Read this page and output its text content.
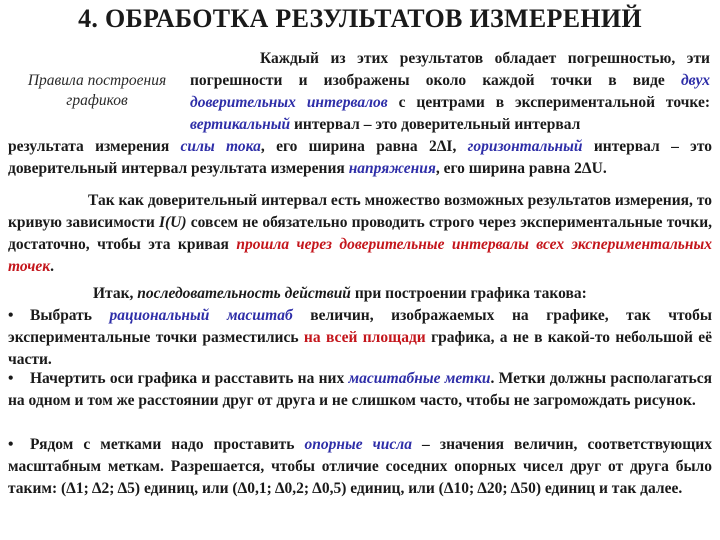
4. ОБРАБОТКА РЕЗУЛЬТАТОВ ИЗМЕРЕНИЙ
Правила построения
графиков
Каждый из этих результатов обладает погрешностью, эти погрешности и изображены около каждой точки в виде двух доверительных интервалов с центрами в экспериментальной точке: вертикальный интервал – это доверительный интервал
результата измерения силы тока, его ширина равна 2ΔI, горизонтальный интервал – это доверительный интервал результата измерения напряжения, его ширина равна 2ΔU.
Так как доверительный интервал есть множество возможных результатов измерения, то кривую зависимости I(U) совсем не обязательно проводить строго через экспериментальные точки, достаточно, чтобы эта кривая прошла через доверительные интервалы всех экспериментальных точек.
Итак, последовательность действий при построении графика такова:
• Выбрать рациональный масштаб величин, изображаемых на графике, так чтобы экспериментальные точки разместились на всей площади графика, а не в какой-то небольшой её части.
• Начертить оси графика и расставить на них масштабные метки. Метки должны располагаться на одном и том же расстоянии друг от друга и не слишком часто, чтобы не загромождать рисунок.
• Рядом с метками надо проставить опорные числа – значения величин, соответствующих масштабным меткам. Разрешается, чтобы отличие соседних опорных чисел друг от друга было таким: (Δ1; Δ2; Δ5) единиц, или (Δ0,1; Δ0,2; Δ0,5) единиц, или (Δ10; Δ20; Δ50) единиц и так далее.
